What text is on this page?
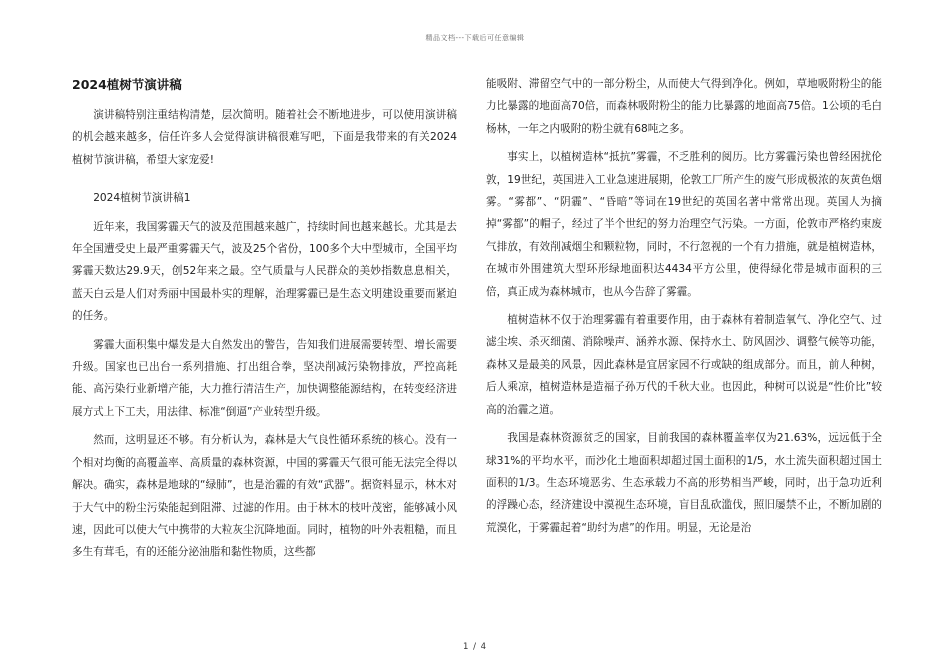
精品文档---下载后可任意编辑
2024植树节演讲稿

演讲稿特别注重结构清楚，层次简明。随着社会不断地进步，可以使用演讲稿的机会越来越多，信任许多人会觉得演讲稿很难写吧，下面是我带来的有关2024植树节演讲稿，希望大家宠爱!

2024植树节演讲稿1

近年来，我国雾霾天气的波及范围越来越广，持续时间也越来越长。尤其是去年全国遭受史上最严重雾霾天气，波及25个省份，100多个大中型城市，全国平均雾霾天数达29.9天，创52年来之最。空气质量与人民群众的美妙指数息息相关，蓝天白云是人们对秀丽中国最朴实的理解，治理雾霾已是生态文明建设重要而紧迫的任务。

雾霾大面积集中爆发是大自然发出的警告，告知我们进展需要转型、增长需要升级。国家也已出台一系列措施、打出组合拳，坚决削减污染物排放，严控高耗能、高污染行业新增产能，大力推行清洁生产，加快调整能源结构，在转变经济进展方式上下工夫，用法律、标准“倒逼”产业转型升级。

然而，这明显还不够。有分析认为，森林是大气良性循环系统的核心。没有一个相对均衡的高覆盖率、高质量的森林资源，中国的雾霾天气很可能无法完全得以解决。确实，森林是地球的“绿肺”，也是治霾的有效“武器”。据资料显示，林木对于大气中的粉尘污染能起到阻滞、过滤的作用。由于林木的枝叶茂密，能够减小风速，因此可以使大气中携带的大粒灰尘沉降地面。同时，植物的叶外表粗糙，而且多生有茸毛，有的还能分泌油脂和黏性物质，这些都

能吸附、滞留空气中的一部分粉尘，从而使大气得到净化。例如，草地吸附粉尘的能力比暴露的地面高70倍，而森林吸附粉尘的能力比暴露的地面高75倍。1公顷的毛白杨林，一年之内吸附的粉尘就有68吨之多。

事实上，以植树造林“抵抗”雾霾，不乏胜利的阅历。比方雾霾污染也曾经困扰伦敦，19世纪，英国进入工业急速进展期，伦敦工厂所产生的废气形成极浓的灰黄色烟雾。“雾都”、“阴霾”、“昏暗”等词在19世纪的英国名著中常常出现。英国人为摘掉“雾都”的帽子，经过了半个世纪的努力治理空气污染。一方面，伦敦市严格约束废气排放，有效削减烟尘和颗粒物，同时，不行忽视的一个有力措施，就是植树造林，在城市外围建筑大型环形绿地面积达4434平方公里，使得绿化带是城市面积的三倍，真正成为森林城市，也从今告辞了雾霾。

植树造林不仅于治理雾霾有着重要作用，由于森林有着制造氧气、净化空气、过滤尘埃、杀灭细菌、消除噪声、涵养水源、保持水土、防风固沙、调整气候等功能，森林又是最美的风景，因此森林是宜居家园不行或缺的组成部分。而且，前人种树，后人乘凉，植树造林是造福子孙万代的千秋大业。也因此，种树可以说是“性价比”较高的治霾之道。

我国是森林资源贫乏的国家，目前我国的森林覆盖率仅为21.63%，远远低于全球31%的平均水平，而沙化土地面积却超过国土面积的1/5，水土流失面积超过国土面积的1/3。生态环境恶劣、生态承载力不高的形势相当严峻，同时，出于急功近利的浮躁心态，经济建设中漠视生态环境，盲目乱砍滥伐，照旧屡禁不止，不断加剧的荒漠化，于雾霾起着“助纣为虐”的作用。明显，无论是治

1 / 4
